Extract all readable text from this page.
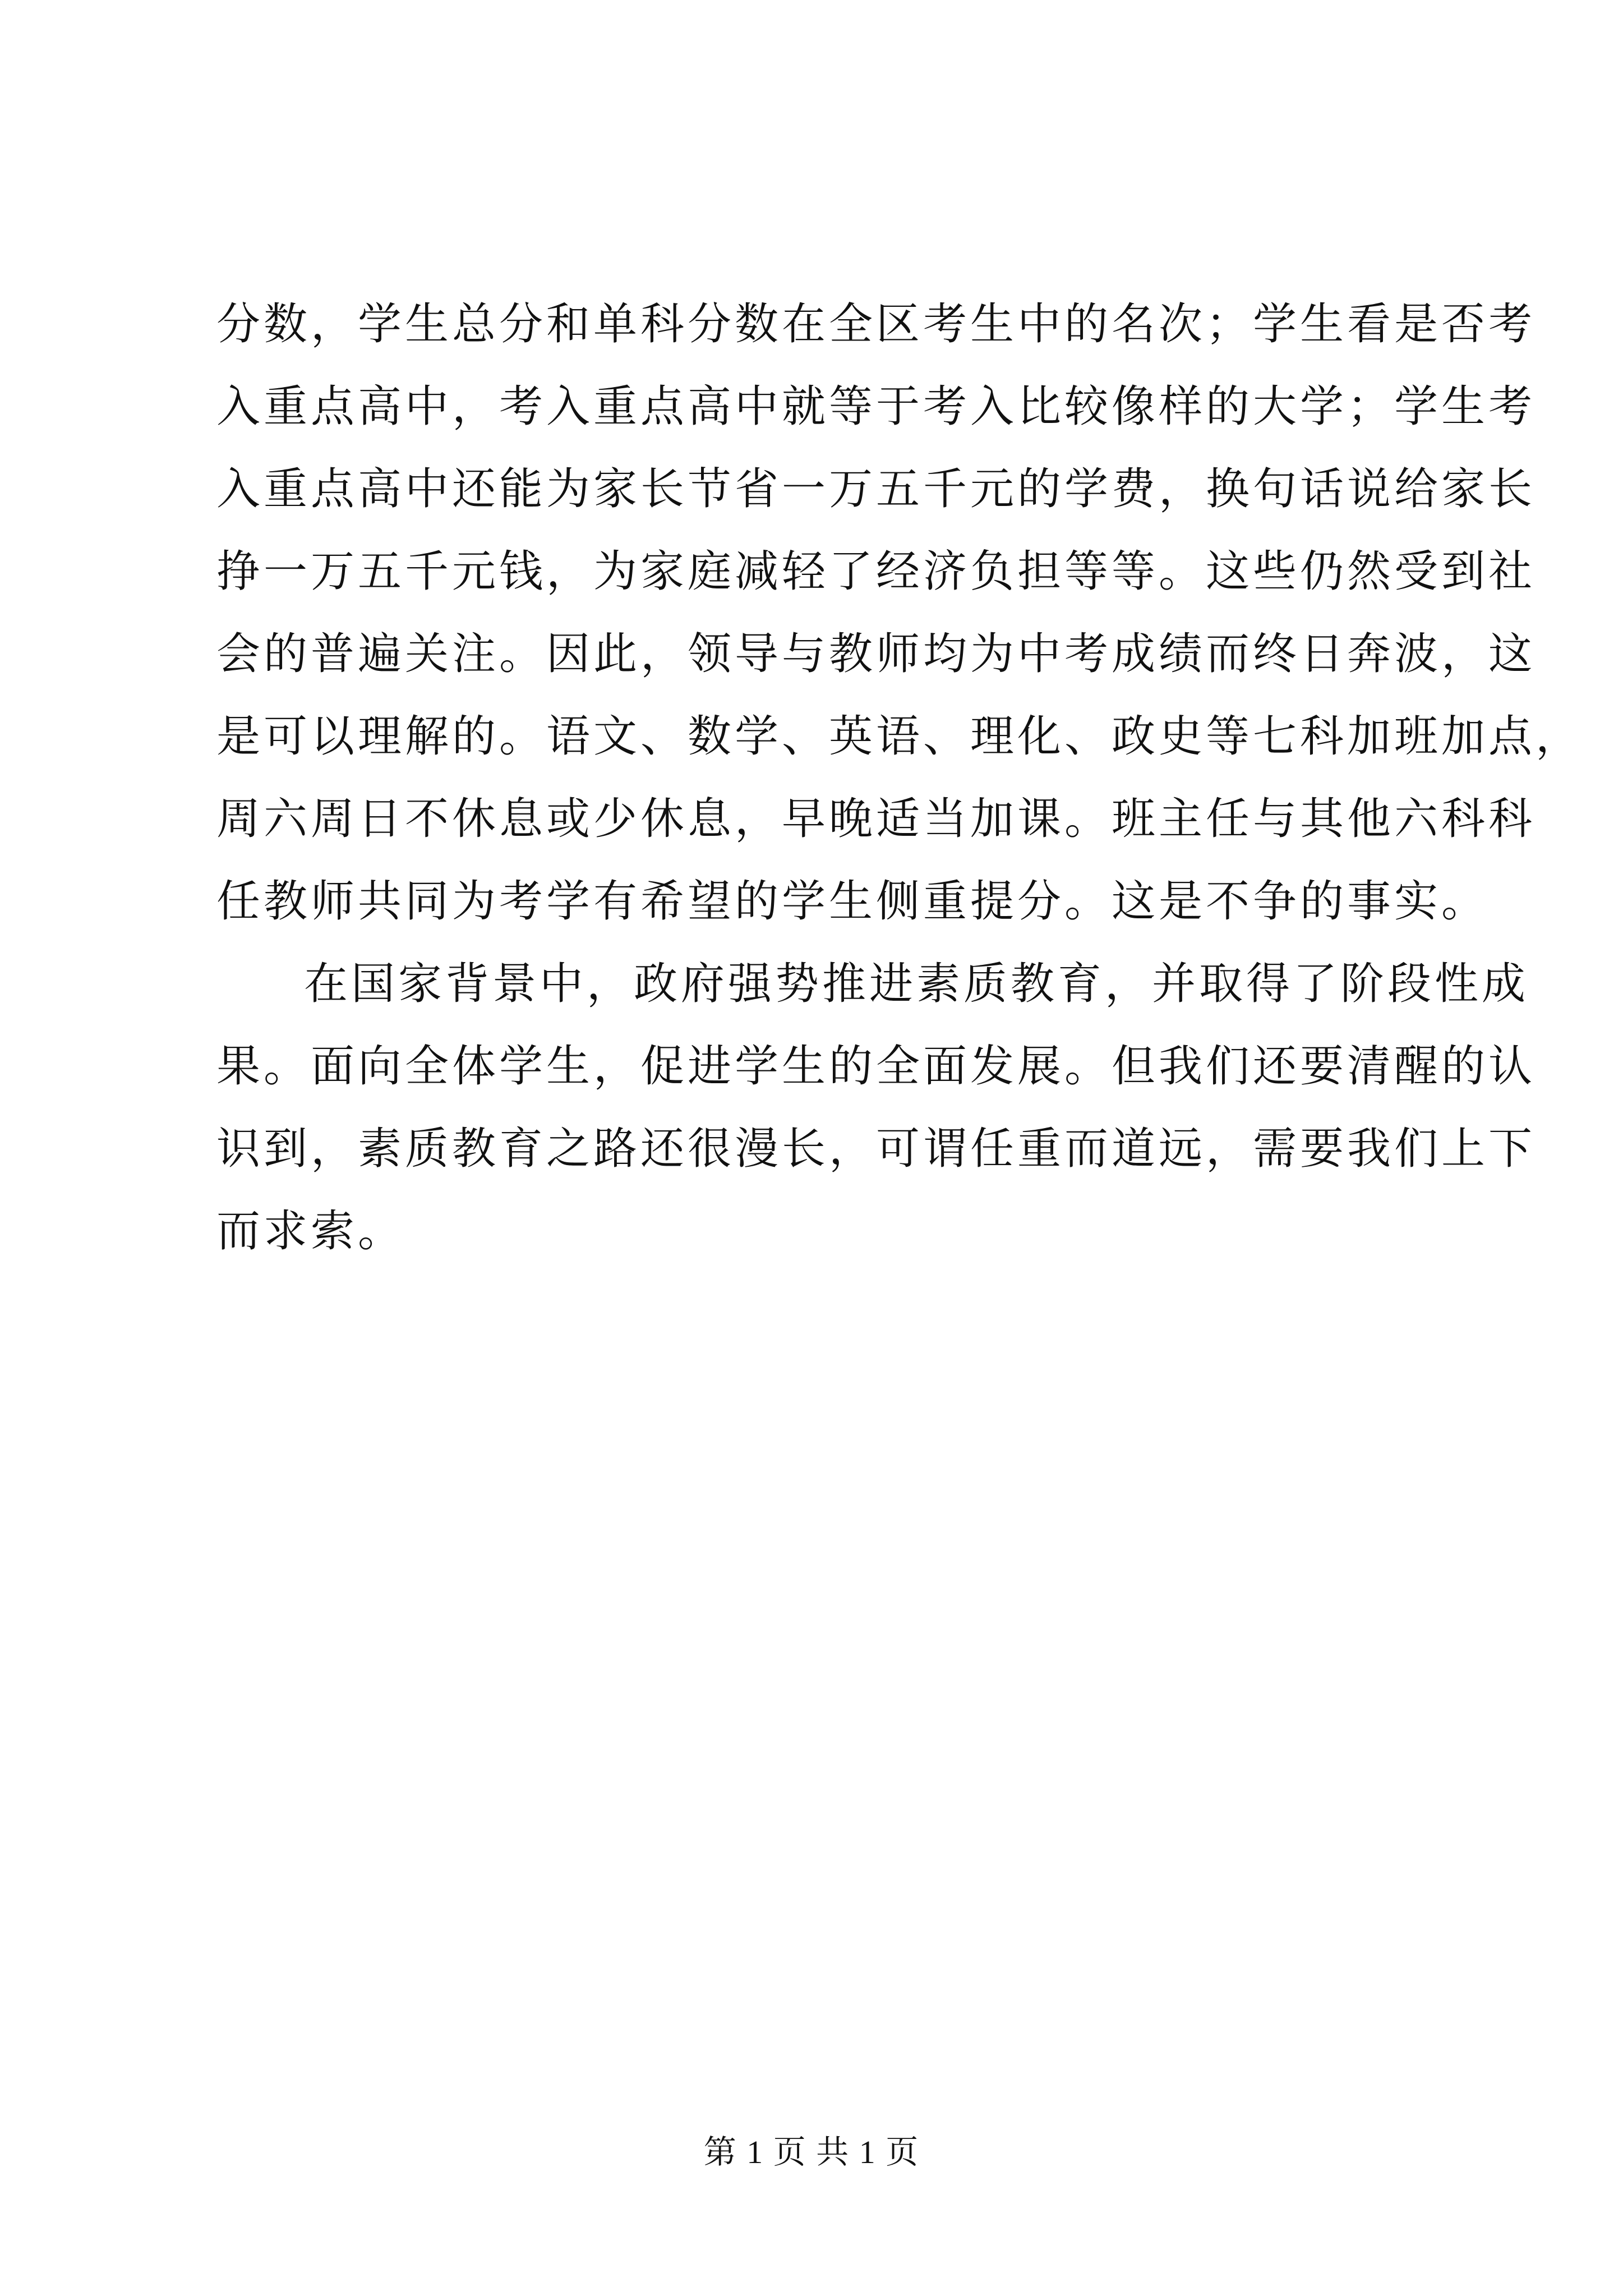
分数，学生总分和单科分数在全区考生中的名次；学生看是否考
入重点高中，考入重点高中就等于考入比较像样的大学；学生考
入重点高中还能为家长节省一万五千元的学费，换句话说给家长
挣一万五千元钱，为家庭减轻了经济负担等等。这些仍然受到社
会的普遍关注。因此，领导与教师均为中考成绩而终日奔波，这
是可以理解的。语文、数学、英语、理化、政史等七科加班加点，
周六周日不休息或少休息，早晚适当加课。班主任与其他六科科
任教师共同为考学有希望的学生侧重提分。这是不争的事实。
在国家背景中，政府强势推进素质教育，并取得了阶段性成
果。面向全体学生，促进学生的全面发展。但我们还要清醒的认
识到，素质教育之路还很漫长，可谓任重而道远，需要我们上下
而求索。
第 1 页 共 1 页
